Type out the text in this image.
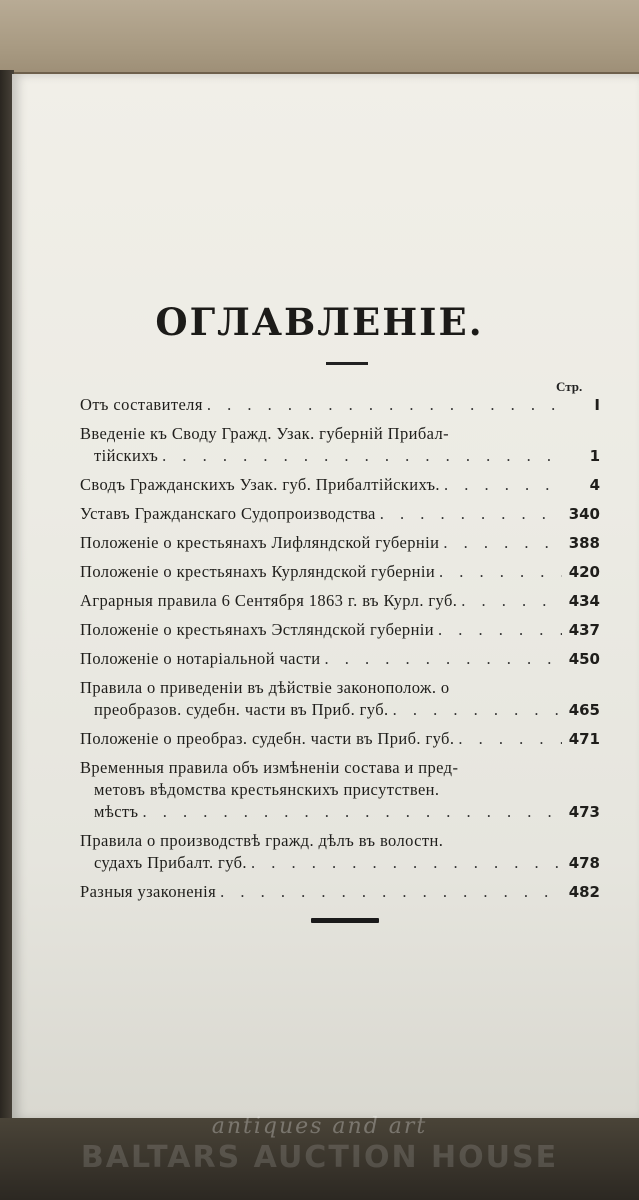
ОГЛАВЛЕНIЕ.
Стр.
Отъ составителя . . .	I
Введенiе къ Своду Гражд. Узак. губернiй Прибал-
тiйскихъ . . .	1
Сводъ Гражданскихъ Узак. губ. Прибалтiйскихъ. . . .	4
Уставъ Гражданскаго Судопроизводства . . .	340
Положенiе о крестьянахъ Лифляндской губернiи . . .	388
Положенiе о крестьянахъ Курляндской губернiи . . .	420
Аграрныя правила 6 Сентября 1863 г. въ Курл. губ. . . .	434
Положенiе о крестьянахъ Эстляндской губернiи . . .	437
Положенiе о нотарiальной части . . .	450
Правила о приведенiи въ дѣйствiе законополож. о
преобразов. судебн. части въ Приб. губ. . . .	465
Положенiе о преобраз. судебн. части въ Приб. губ. . . .	471
Временныя правила объ измѣненiи состава и пред-
метовъ вѣдомства крестьянскихъ присутствен.
мѣстъ . . .	473
Правила о производствѣ гражд. дѣлъ въ волостн.
судахъ Прибалт. губ. . . .	478
Разныя узаконенiя . . .	482
antiques and art
BALTARS AUCTION HOUSE
